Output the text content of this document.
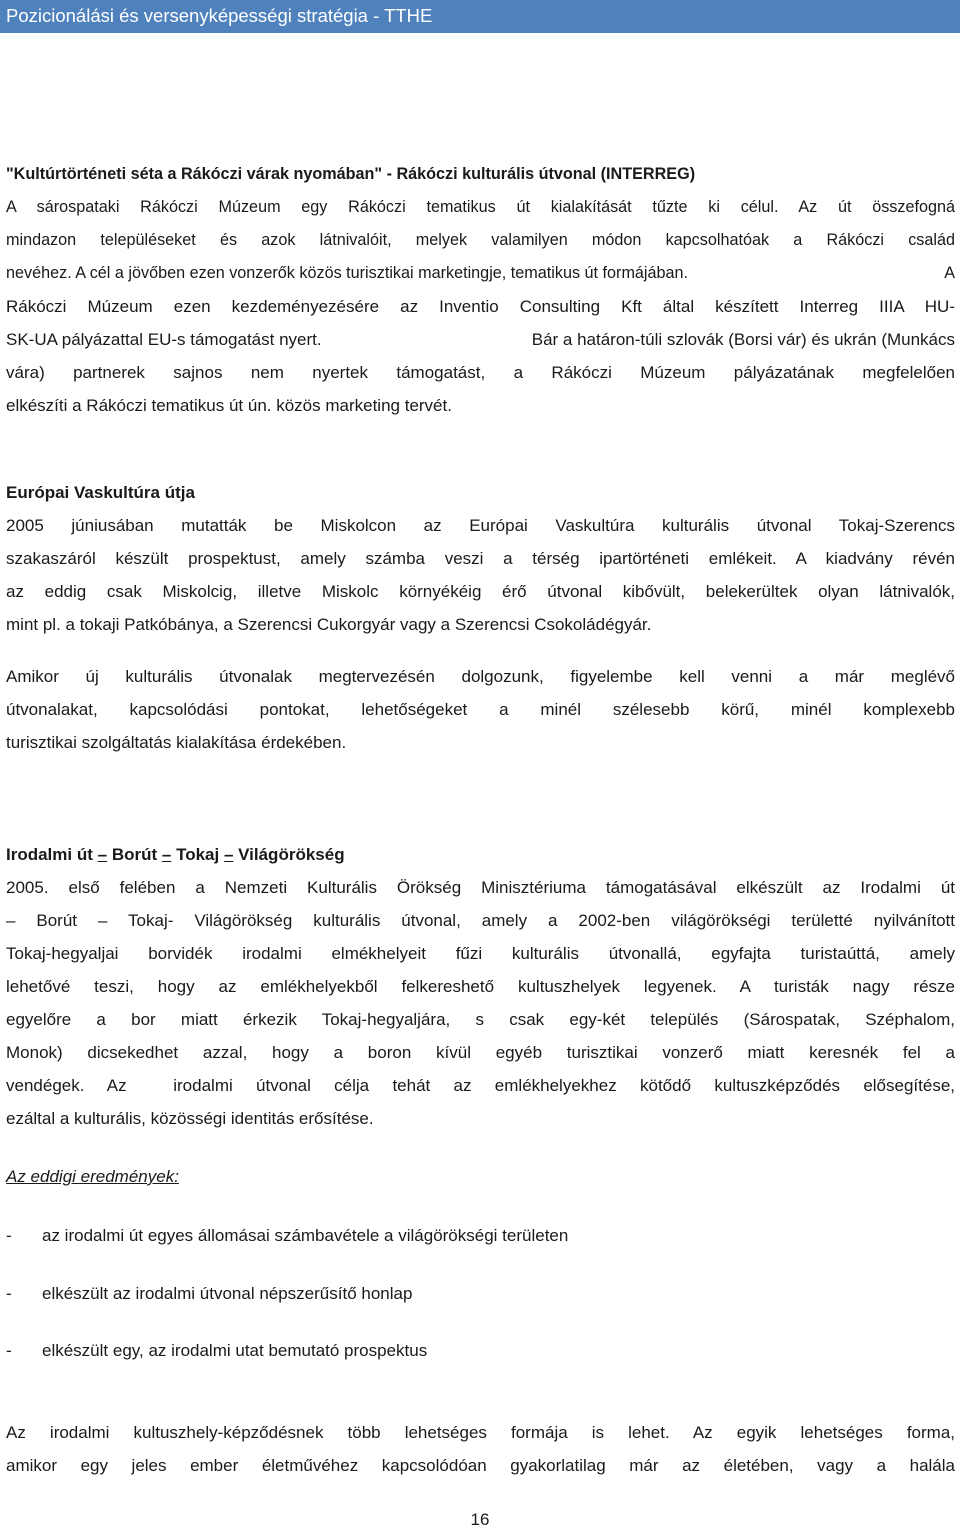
Pozicionálási és versenyképességi stratégia - TTHE
"Kultúrtörténeti séta a Rákóczi várak nyomában" - Rákóczi kulturális útvonal (INTERREG)
A sárospataki Rákóczi Múzeum egy Rákóczi tematikus út kialakítását tűzte ki célul. Az út összefogná
mindazon településeket és azok látnivalóit, melyek valamilyen módon kapcsolhatóak a Rákóczi család
nevéhez. A cél a jövőben ezen vonzerők közös turisztikai marketingje, tematikus út formájában.	A
Rákóczi Múzeum ezen kezdeményezésére az Inventio Consulting Kft által készített Interreg IIIA HU-
SK-UA pályázattal EU-s támogatást nyert.	Bár a határon-túli szlovák (Borsi vár) és ukrán (Munkács
vára) partnerek sajnos nem nyertek támogatást, a Rákóczi Múzeum pályázatának megfelelően
elkészíti a Rákóczi tematikus út ún. közös marketing tervét.
Európai Vaskultúra útja
2005 júniusában mutatták be Miskolcon az Európai Vaskultúra kulturális útvonal Tokaj-Szerencs
szakaszáról készült prospektust, amely számba veszi a térség ipartörténeti emlékeit. A kiadvány révén
az eddig csak Miskolcig, illetve Miskolc környékéig érő útvonal kibővült, belekerültek olyan látnivalók,
mint pl. a tokaji Patkóbánya, a Szerencsi Cukorgyár vagy a Szerencsi Csokoládégyár.
Amikor új kulturális útvonalak megtervezésén dolgozunk, figyelembe kell venni a már meglévő
útvonalakat, kapcsolódási pontokat, lehetőségeket a minél szélesebb körű, minél komplexebb
turisztikai szolgáltatás kialakítása érdekében.
Irodalmi út – Borút – Tokaj – Világörökség
2005. első felében a Nemzeti Kulturális Örökség Minisztériuma támogatásával elkészült az Irodalmi út
– Borút – Tokaj- Világörökség kulturális útvonal, amely a 2002-ben világörökségi területté nyilvánított
Tokaj-hegyaljai borvidék irodalmi elmékhelyeit fűzi kulturális útvonallá, egyfajta turistaúttá, amely
lehetővé teszi, hogy az emlékhelyekből felkereshető kultuszhelyek legyenek. A turisták nagy része
egyelőre a bor miatt érkezik Tokaj-hegyaljára, s csak egy-két település (Sárospatak, Széphalom,
Monok) dicsekedhet azzal, hogy a boron kívül egyéb turisztikai vonzerő miatt keresnék fel a
vendégek. Az  irodalmi útvonal célja tehát az emlékhelyekhez kötődő kultuszképződés elősegítése,
ezáltal a kulturális, közösségi identitás erősítése.
Az eddigi eredmények:
- az irodalmi út egyes állomásai számbavétele a világörökségi területen
- elkészült az irodalmi útvonal népszerűsítő honlap
- elkészült egy, az irodalmi utat bemutató prospektus
Az irodalmi kultuszhely-képződésnek több lehetséges formája is lehet. Az egyik lehetséges forma,
amikor egy jeles ember életművéhez kapcsolódóan gyakorlatilag már az életében, vagy a halála
16
